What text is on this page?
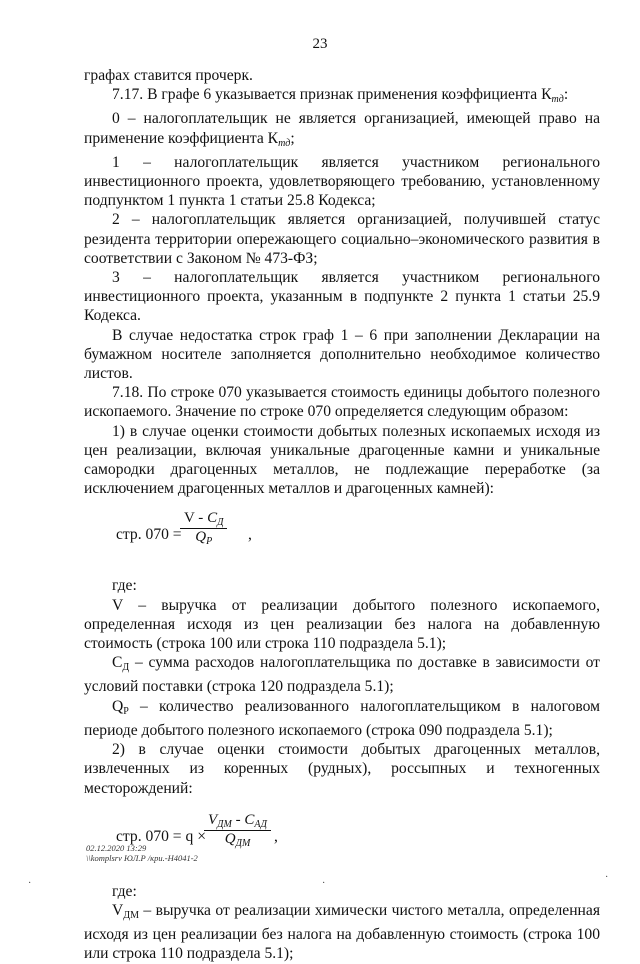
23

графах ставится прочерк.

7.17. В графе 6 указывается признак применения коэффициента $К_{тд}$:

0 – налогоплательщик не является организацией, имеющей право на применение коэффициента $К_{тд}$;

1 – налогоплательщик является участником регионального инвестиционного проекта, удовлетворяющего требованию, установленному подпунктом 1 пункта 1 статьи 25.8 Кодекса;

2 – налогоплательщик является организацией, получившей статус резидента территории опережающего социально–экономического развития в соответствии с Законом № 473-ФЗ;

3 – налогоплательщик является участником регионального инвестиционного проекта, указанным в подпункте 2 пункта 1 статьи 25.9 Кодекса.

В случае недостатка строк граф 1 – 6 при заполнении Декларации на бумажном носителе заполняется дополнительно необходимое количество листов.

7.18. По строке 070 указывается стоимость единицы добытого полезного ископаемого. Значение по строке 070 определяется следующим образом:

1) в случае оценки стоимости добытых полезных ископаемых исходя из цен реализации, включая уникальные драгоценные камни и уникальные самородки драгоценных металлов, не подлежащие переработке (за исключением драгоценных металлов и драгоценных камней):

стр. 070 =
V - $С_Д$
$Q_Р$	,

где:

V – выручка от реализации добытого полезного ископаемого, определенная исходя из цен реализации без налога на добавленную стоимость (строка 100 или строка 110 подраздела 5.1);

$С_Д$ – сумма расходов налогоплательщика по доставке в зависимости от условий поставки (строка 120 подраздела 5.1);

$Q_Р$ – количество реализованного налогоплательщиком в налоговом периоде добытого полезного ископаемого (строка 090 подраздела 5.1);

2) в случае оценки стоимости добытых драгоценных металлов, извлеченных из коренных (рудных), россыпных и техногенных месторождений:

стр. 070 = q ×
$V_{ДМ} - С_{АД}$
$Q_{ДМ}$	,

где:

$V_{ДМ}$ – выручка от реализации химически чистого металла, определенная исходя из цен реализации без налога на добавленную стоимость (строка 100 или строка 110 подраздела 5.1);

02.12.2020 13:29
\\komplsrv ЮЛ.Р /кри.-Н4041-2
·	·
·
